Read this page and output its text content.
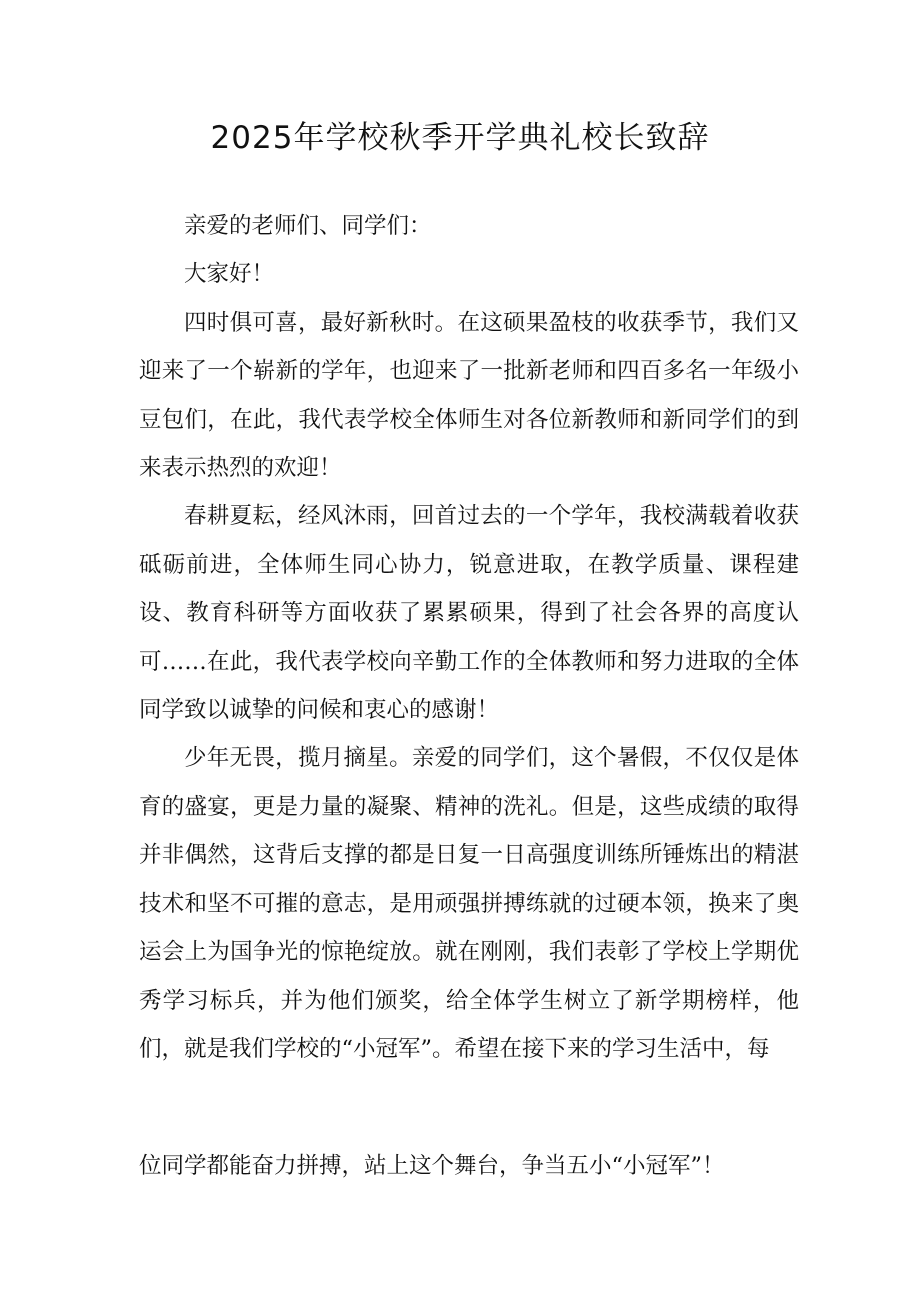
2025年学校秋季开学典礼校长致辞

亲爱的老师们、同学们：

大家好！

四时俱可喜，最好新秋时。在这硕果盈枝的收获季节，我们又迎来了一个崭新的学年，也迎来了一批新老师和四百多名一年级小豆包们，在此，我代表学校全体师生对各位新教师和新同学们的到来表示热烈的欢迎！

春耕夏耘，经风沐雨，回首过去的一个学年，我校满载着收获砥砺前进，全体师生同心协力，锐意进取，在教学质量、课程建设、教育科研等方面收获了累累硕果，得到了社会各界的高度认可……在此，我代表学校向辛勤工作的全体教师和努力进取的全体同学致以诚挚的问候和衷心的感谢！

少年无畏，揽月摘星。亲爱的同学们，这个暑假，不仅仅是体育的盛宴，更是力量的凝聚、精神的洗礼。但是，这些成绩的取得并非偶然，这背后支撑的都是日复一日高强度训练所锤炼出的精湛技术和坚不可摧的意志，是用顽强拼搏练就的过硬本领，换来了奥运会上为国争光的惊艳绽放。就在刚刚，我们表彰了学校上学期优秀学习标兵，并为他们颁奖，给全体学生树立了新学期榜样，他们，就是我们学校的“小冠军”。希望在接下来的学习生活中，每

位同学都能奋力拼搏，站上这个舞台，争当五小“小冠军”！
